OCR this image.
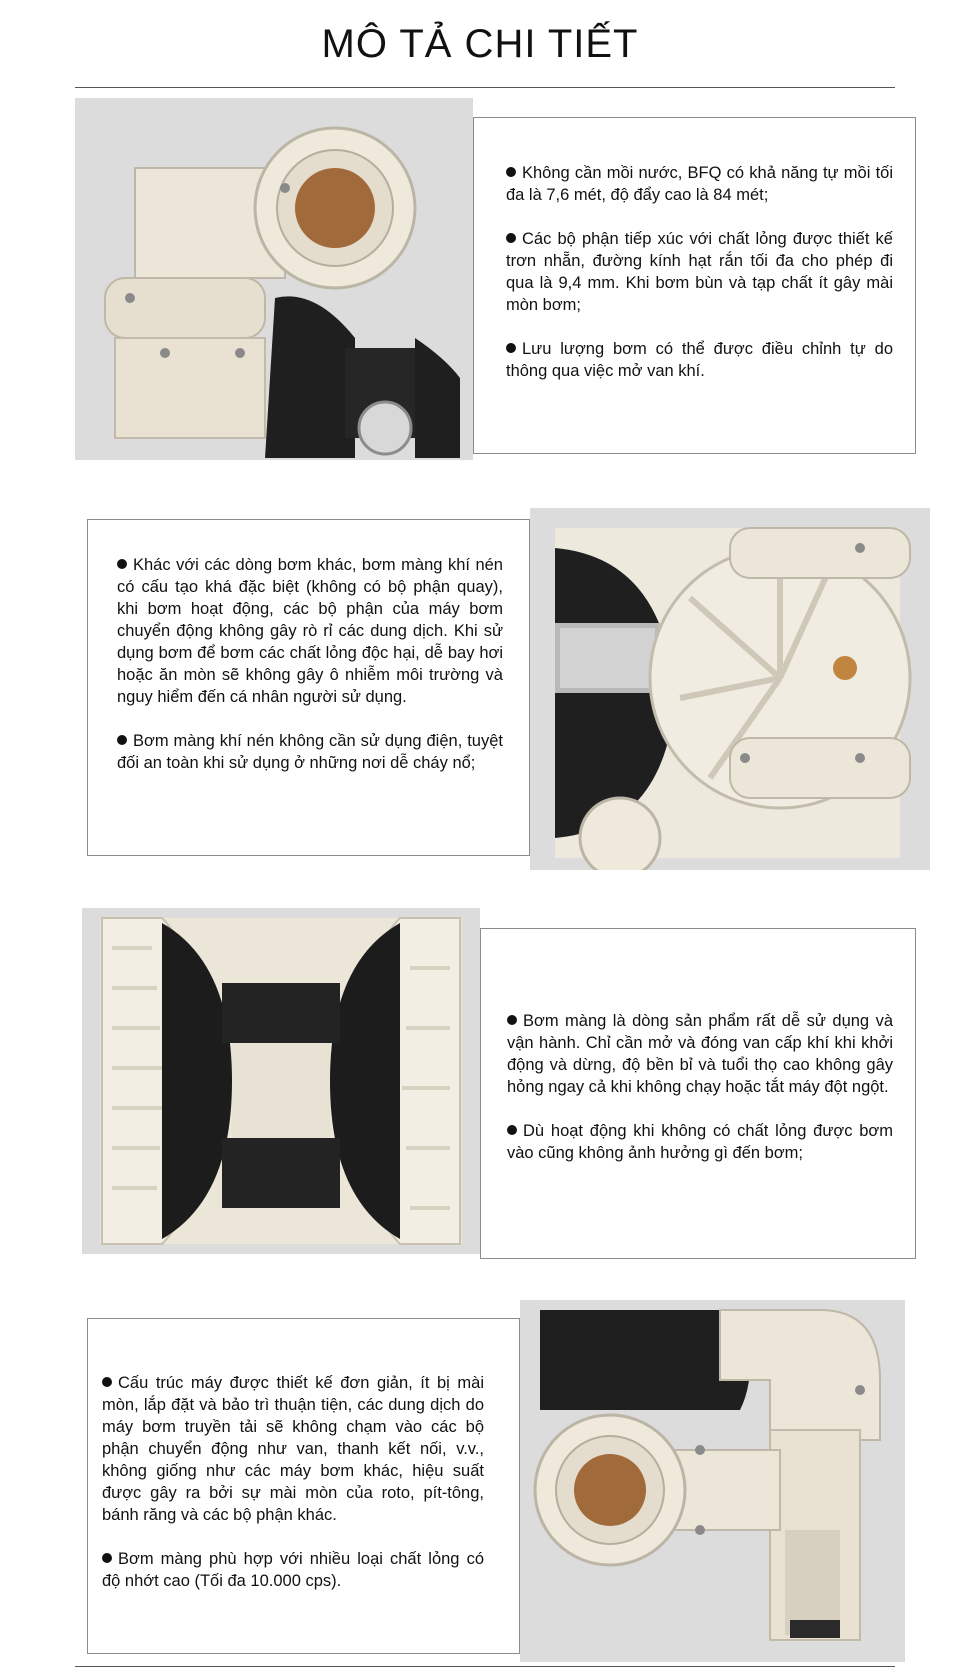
MÔ TẢ CHI TIẾT

Không cần mồi nước, BFQ có khả năng tự mồi tối đa là 7,6 mét, độ đẩy cao là 84 mét;

Các bộ phận tiếp xúc với chất lỏng được thiết kế trơn nhẵn, đường kính hạt rắn tối đa cho phép đi qua là 9,4 mm. Khi bơm bùn và tạp chất ít gây mài mòn bơm;

Lưu lượng bơm có thể được điều chỉnh tự do thông qua việc mở van khí.

Khác với các dòng bơm khác, bơm màng khí nén có cấu tạo khá đặc biệt (không có bộ phận quay), khi bơm hoạt động, các bộ phận của máy bơm chuyển động không gây rò rỉ các dung dịch. Khi sử dụng bơm để bơm các chất lỏng độc hại, dễ bay hơi hoặc ăn mòn sẽ không gây ô nhiễm môi trường và nguy hiểm đến cá nhân người sử dụng.

Bơm màng khí nén không cần sử dụng điện, tuyệt đối an toàn khi sử dụng ở những nơi dễ cháy nổ;

Bơm màng là dòng sản phẩm rất dễ sử dụng và vận hành. Chỉ cần mở và đóng van cấp khí khi khởi động và dừng, độ bền bỉ và tuổi thọ cao không gây hỏng ngay cả khi không chạy hoặc tắt máy đột ngột.

Dù hoạt động khi không có chất lỏng được bơm vào cũng không ảnh hưởng gì đến bơm;

Cấu trúc máy được thiết kế đơn giản, ít bị mài mòn, lắp đặt và bảo trì thuận tiện, các dung dịch do máy bơm truyền tải sẽ không chạm vào các bộ phận chuyển động như van, thanh kết nối, v.v., không giống như các máy bơm khác, hiệu suất được gây ra bởi sự mài mòn của roto, pít-tông, bánh răng và các bộ phận khác.

Bơm màng phù hợp với nhiều loại chất lỏng có độ nhớt cao (Tối đa 10.000 cps).
